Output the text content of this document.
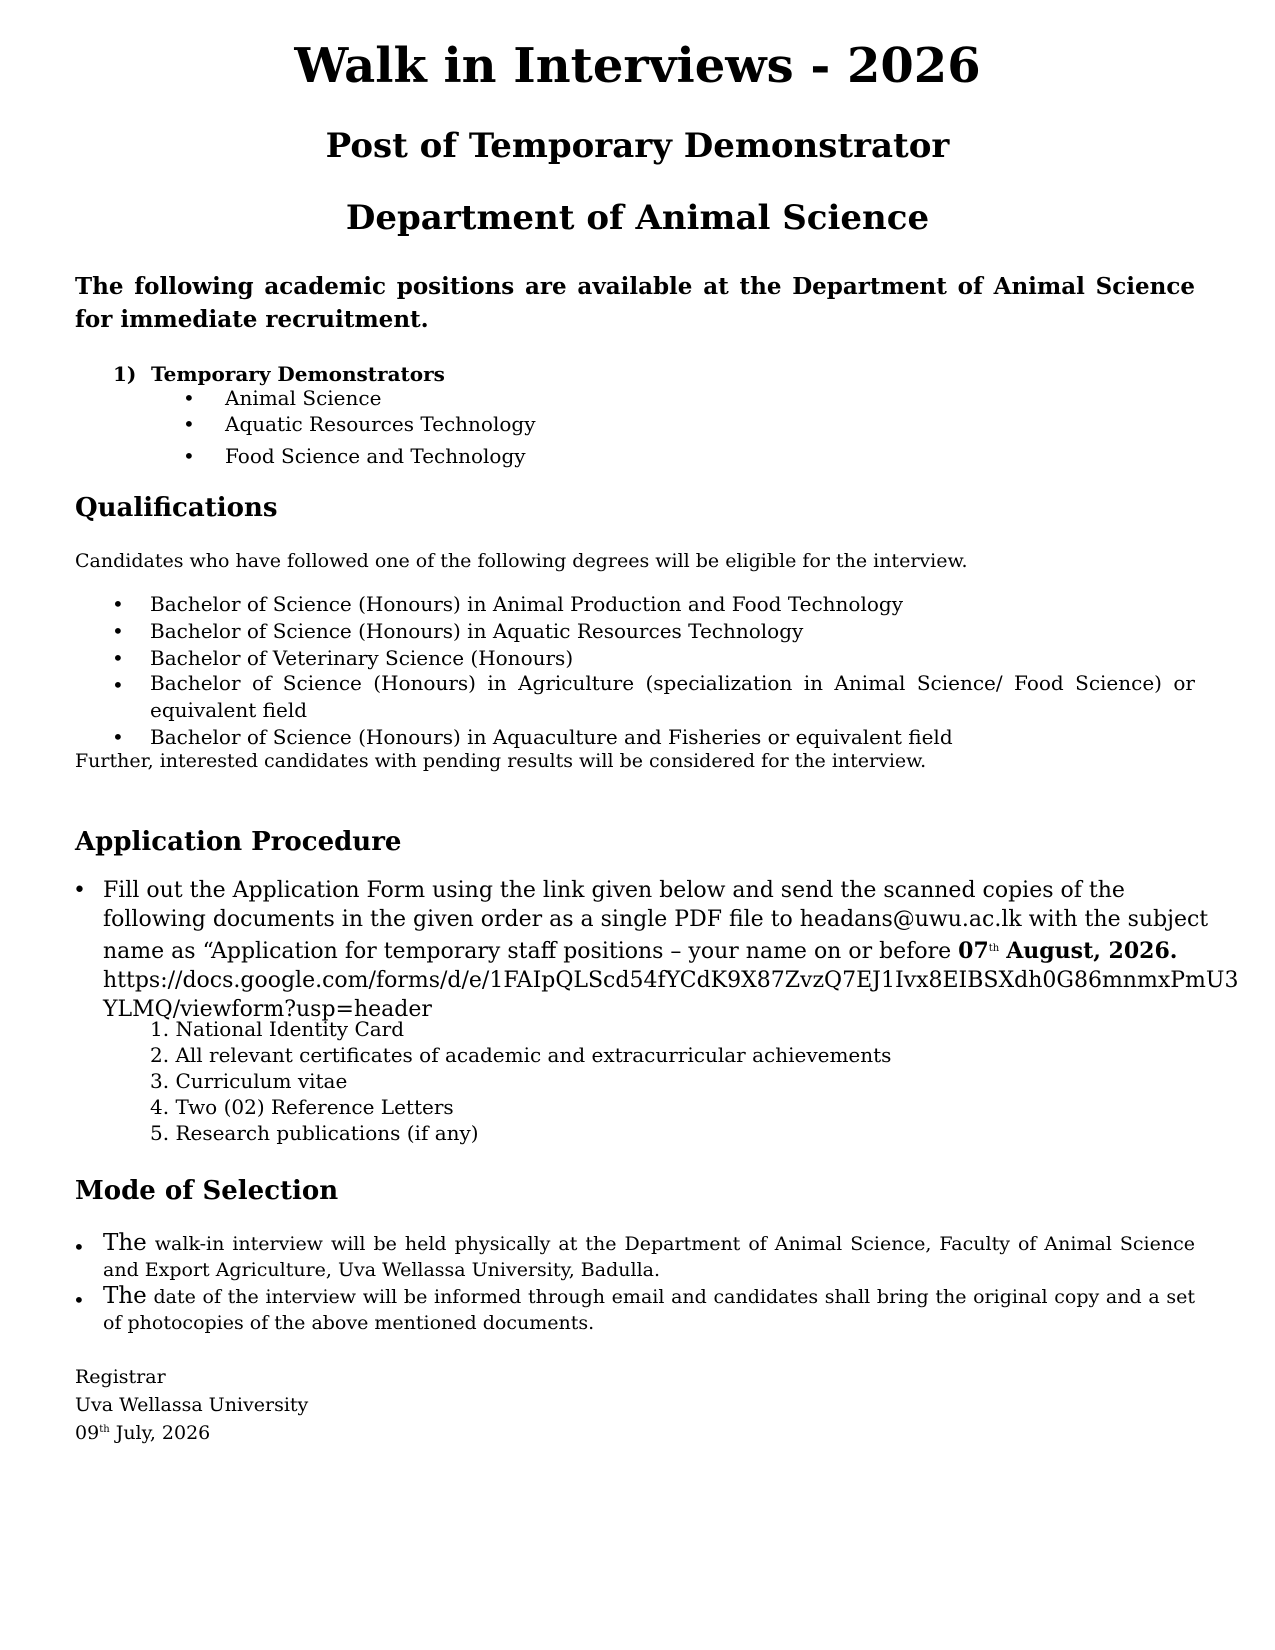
Walk in Interviews - 2026
Post of Temporary Demonstrator
Department of Animal Science
The following academic positions are available at the Department of Animal Science for immediate recruitment.
1) Temporary Demonstrators
• Animal Science
• Aquatic Resources Technology
• Food Science and Technology
Qualifications
Candidates who have followed one of the following degrees will be eligible for the interview.
• Bachelor of Science (Honours) in Animal Production and Food Technology
• Bachelor of Science (Honours) in Aquatic Resources Technology
• Bachelor of Veterinary Science (Honours)
• Bachelor of Science (Honours) in Agriculture (specialization in Animal Science/ Food Science) or equivalent field
• Bachelor of Science (Honours) in Aquaculture and Fisheries or equivalent field
Further, interested candidates with pending results will be considered for the interview.
Application Procedure
• Fill out the Application Form using the link given below and send the scanned copies of the following documents in the given order as a single PDF file to headans@uwu.ac.lk with the subject name as “Application for temporary staff positions – your name on or before 07th August, 2026.
https://docs.google.com/forms/d/e/1FAIpQLScd54fYCdK9X87ZvzQ7EJ1Ivx8EIBSXdh0G86mnmxPmU3
YLMQ/viewform?usp=header
1. National Identity Card
2. All relevant certificates of academic and extracurricular achievements
3. Curriculum vitae
4. Two (02) Reference Letters
5. Research publications (if any)
Mode of Selection
• The walk-in interview will be held physically at the Department of Animal Science, Faculty of Animal Science and Export Agriculture, Uva Wellassa University, Badulla.
• The date of the interview will be informed through email and candidates shall bring the original copy and a set of photocopies of the above mentioned documents.
Registrar
Uva Wellassa University
09th July, 2026
